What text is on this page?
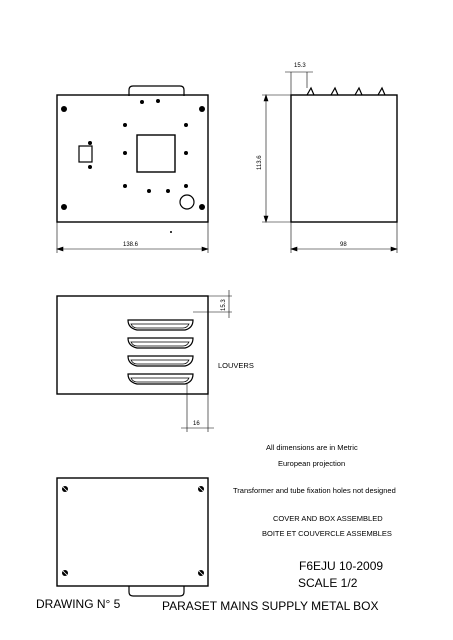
138.6	98
15.3
113.6
15.3
16
LOUVERS
All dimensions are in Metric
European projection
Transformer and tube fixation holes not designed
COVER AND BOX ASSEMBLED
BOITE ET COUVERCLE ASSEMBLES
F6EJU 10-2009
SCALE 1/2
DRAWING N° 5	PARASET MAINS SUPPLY METAL BOX
